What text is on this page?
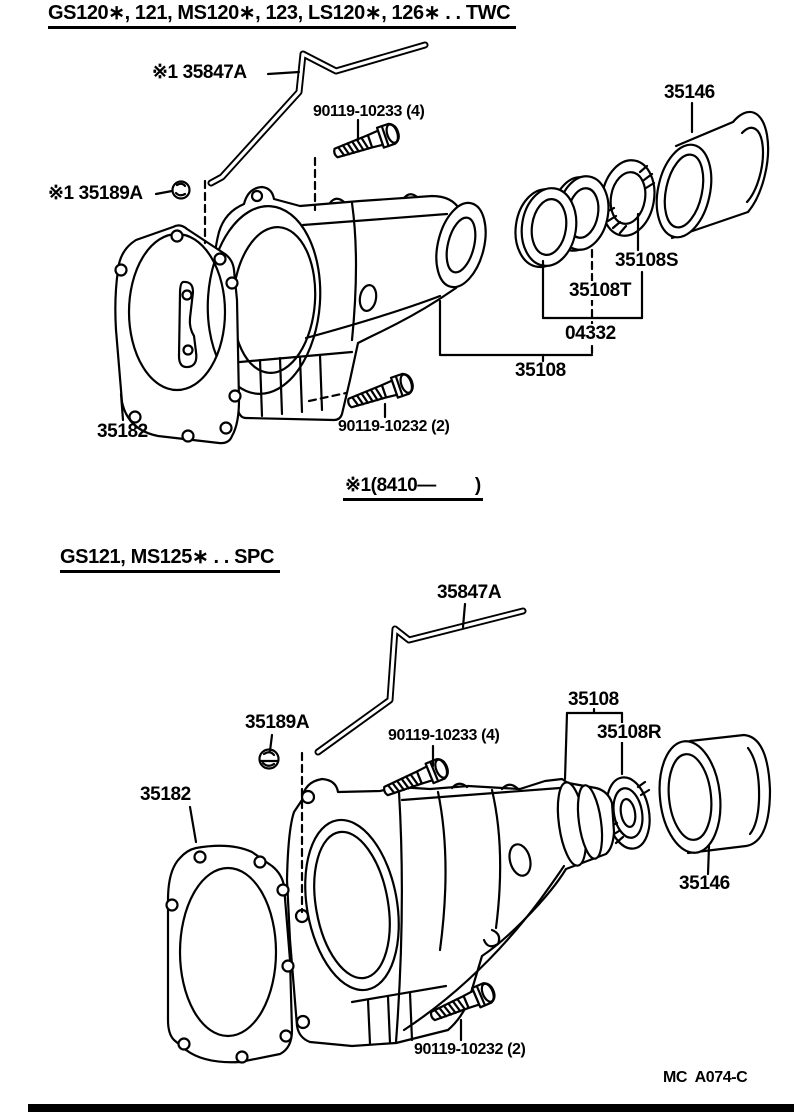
GS120∗, 121, MS120∗, 123, LS120∗, 126∗ . . TWC
※1 35847A
90119-10233 (4)
※1 35189A
35146
35108S
35108T
04332
35108
35182	90119-10232 (2)
※1(8410—        )
GS121, MS125∗ . . SPC
35847A
35189A
90119-10233 (4)
35108
35108R
35182
35146
90119-10232 (2)
MC  A074-C
